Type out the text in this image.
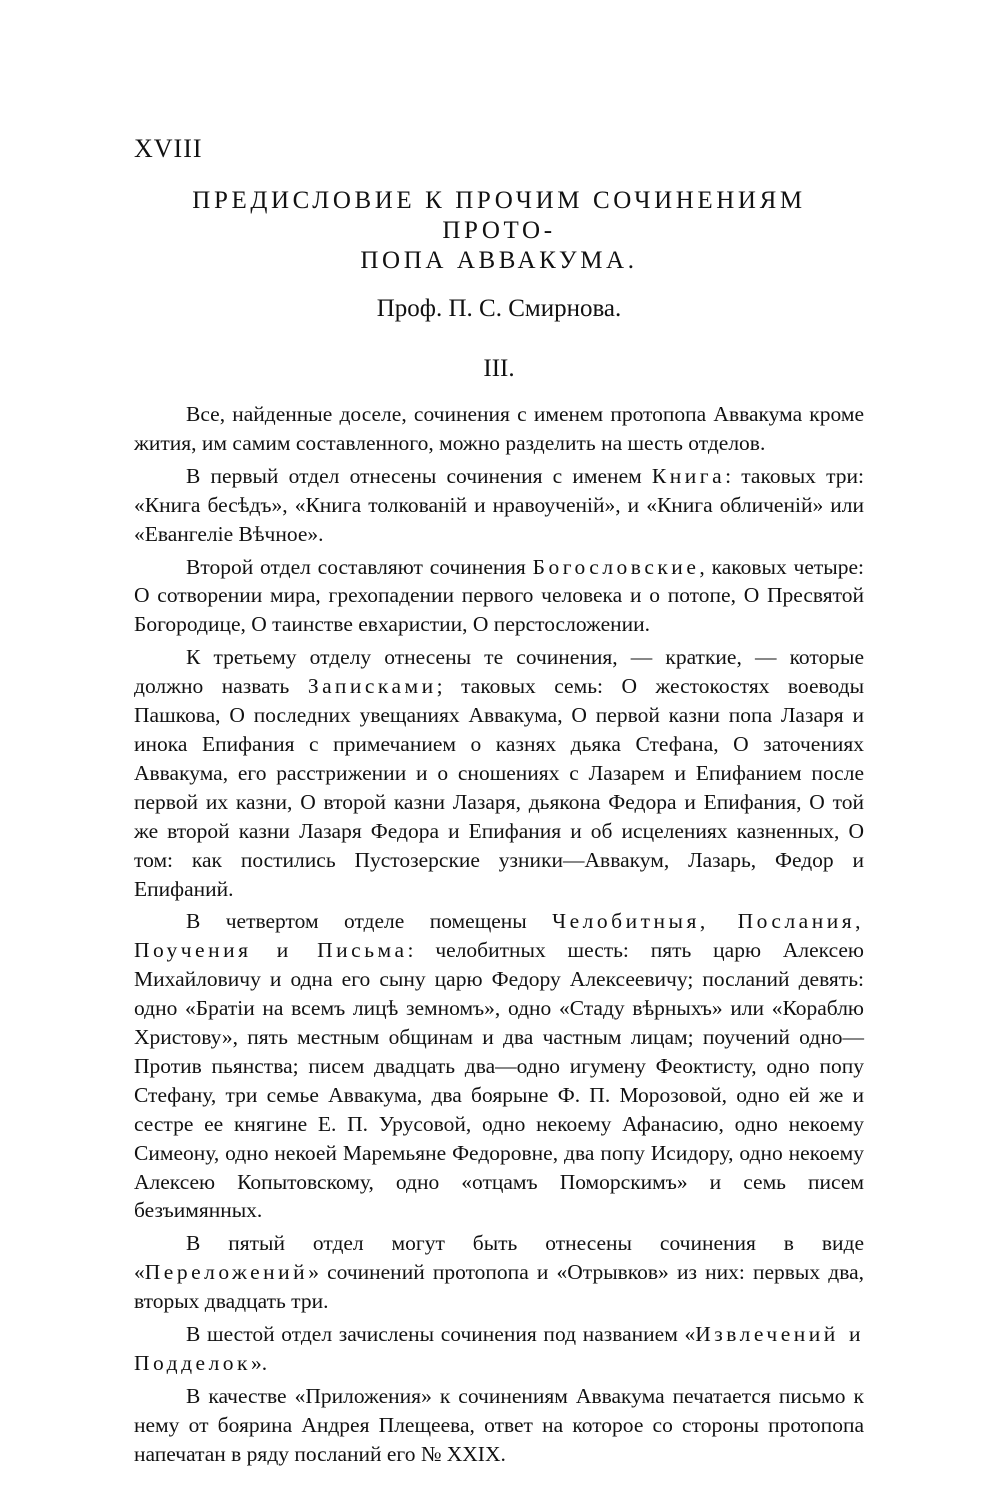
XVIII
ПРЕДИСЛОВИЕ К ПРОЧИМ СОЧИНЕНИЯМ ПРОТО-
ПОПА АВВАКУМА.
Проф. П. С. Смирнова.
III.

Все, найденные доселе, сочинения с именем протопопа Аввакума кроме жития, им самим составленного, можно разделить на шесть отделов.

В первый отдел отнесены сочинения с именем Книга: таковых три: «Книга бесѣдъ», «Книга толкованiй и нравоученiй», и «Книга обличенiй» или «Евангелiе Вѣчное».

Второй отдел составляют сочинения Богословские, каковых четыре: О сотворении мира, грехопадении первого человека и о потопе, О Пресвятой Богородице, О таинстве евхаристии, О перстосложении.

К третьему отделу отнесены те сочинения, — краткие, — которые должно назвать Записками; таковых семь: О жестокостях воеводы Пашкова, О последних увещаниях Аввакума, О первой казни попа Лазаря и инока Епифания с примечанием о казнях дьяка Стефана, О заточениях Аввакума, его расстрижении и о сношениях с Лазарем и Епифанием после первой их казни, О второй казни Лазаря, дьякона Федора и Епифания, О той же второй казни Лазаря Федора и Епифания и об исцелениях казненных, О том: как постились Пустозерские узники—Аввакум, Лазарь, Федор и Епифаний.

В четвертом отделе помещены Челобитныя, Послания, Поучения и Письма: челобитных шесть: пять царю Алексею Михайловичу и одна его сыну царю Федору Алексеевичу; посланий девять: одно «Братiи на всемъ лицѣ земномъ», одно «Стаду вѣрныхъ» или «Кораблю Христову», пять местным общинам и два частным лицам; поучений одно—Против пьянства; писем двадцать два—одно игумену Феоктисту, одно попу Стефану, три семье Аввакума, два боярыне Ф. П. Морозовой, одно ей же и сестре ее княгине Е. П. Урусовой, одно некоему Афанасию, одно некоему Симеону, одно некоей Маремьяне Федоровне, два попу Исидору, одно некоему Алексею Копытовскому, одно «отцамъ Поморскимъ» и семь писем безъимянных.

В пятый отдел могут быть отнесены сочинения в виде «Переложений» сочинений протопопа и «Отрывков» из них: первых два, вторых двадцать три.

В шестой отдел зачислены сочинения под названием «Извлечений и Подделок».

В качестве «Приложения» к сочинениям Аввакума печатается письмо к нему от боярина Андрея Плещеева, ответ на которое со стороны протопопа напечатан в ряду посланий его № XXIX.
